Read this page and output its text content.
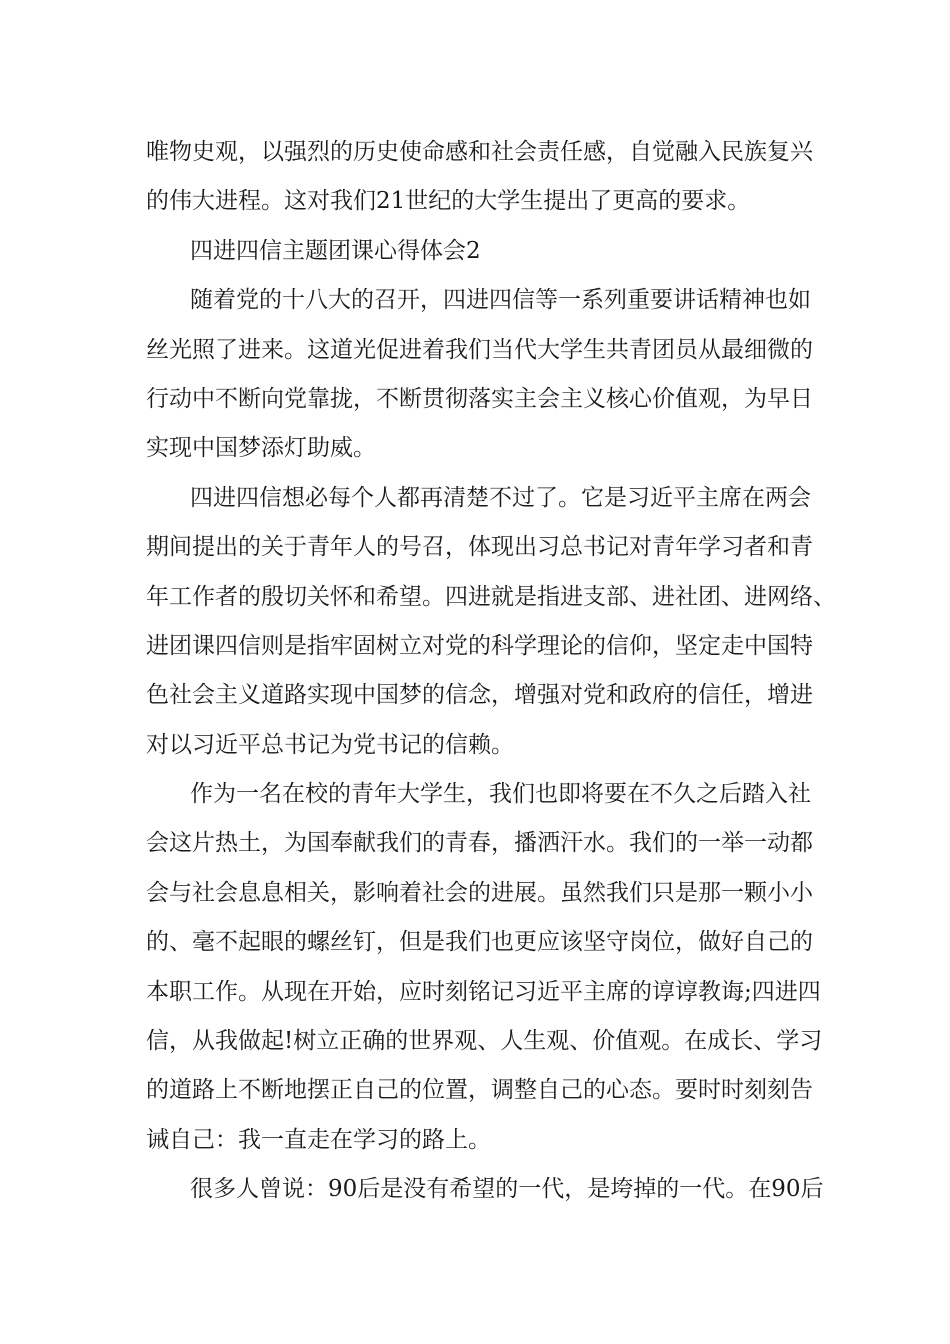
唯物史观，以强烈的历史使命感和社会责任感，自觉融入民族复兴
的伟大进程。这对我们21世纪的大学生提出了更高的要求。
四进四信主题团课心得体会2
随着党的十八大的召开，四进四信等一系列重要讲话精神也如
丝光照了进来。这道光促进着我们当代大学生共青团员从最细微的
行动中不断向党靠拢，不断贯彻落实主会主义核心价值观，为早日
实现中国梦添灯助威。
四进四信想必每个人都再清楚不过了。它是习近平主席在两会
期间提出的关于青年人的号召，体现出习总书记对青年学习者和青
年工作者的殷切关怀和希望。四进就是指进支部、进社团、进网络、
进团课四信则是指牢固树立对党的科学理论的信仰，坚定走中国特
色社会主义道路实现中国梦的信念，增强对党和政府的信任，增进
对以习近平总书记为党书记的信赖。
作为一名在校的青年大学生，我们也即将要在不久之后踏入社
会这片热土，为国奉献我们的青春，播洒汗水。我们的一举一动都
会与社会息息相关，影响着社会的进展。虽然我们只是那一颗小小
的、毫不起眼的螺丝钉，但是我们也更应该坚守岗位，做好自己的
本职工作。从现在开始，应时刻铭记习近平主席的谆谆教诲;四进四
信，从我做起!树立正确的世界观、人生观、价值观。在成长、学习
的道路上不断地摆正自己的位置，调整自己的心态。要时时刻刻告
诫自己：我一直走在学习的路上。
很多人曾说：90后是没有希望的一代，是垮掉的一代。在90后
